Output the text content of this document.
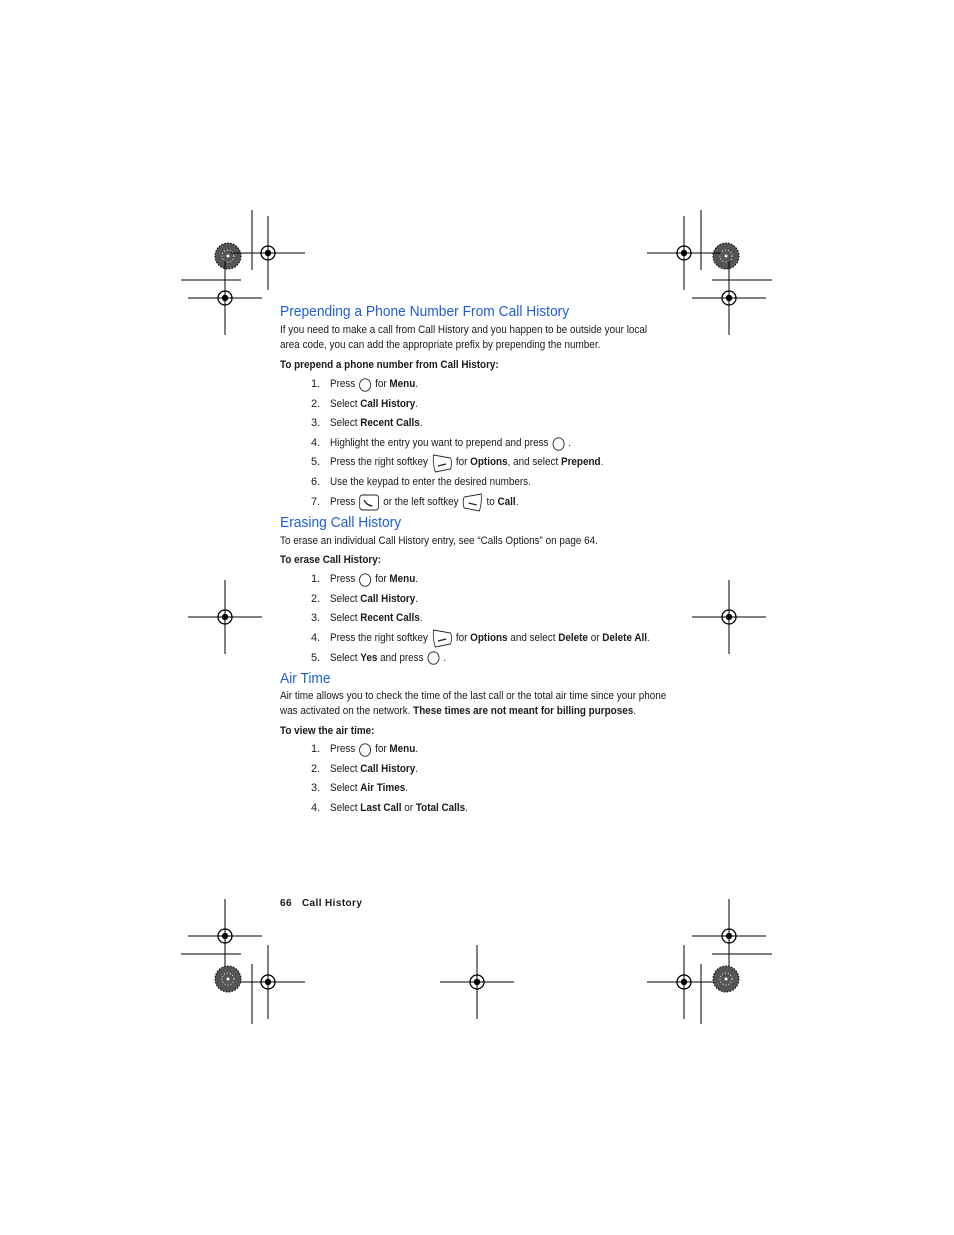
Prepending a Phone Number From Call History

If you need to make a call from Call History and you happen to be outside your local area code, you can add the appropriate prefix by prepending the number.

To prepend a phone number from Call History:

1. Press for
Menu .
2. Select
Call History .
3. Select
Recent Calls .
4. Highlight the entry you want to prepend and press .
5. Press the right softkey	for
Options , and select
Prepend .
6. Use the keypad to enter the desired numbers.
7. Press	or the left softkey	to
Call .
Erasing Call History

To erase an individual Call History entry, see “Calls Options” on page 64.

To erase Call History:

1. Press for
Menu .
2. Select
Call History .
3. Select
Recent Calls .
4. Press the right softkey	for
Options
and select
Delete
or
Delete All .
5. Select
Yes
and press .
Air Time

Air time allows you to check the time of the last call or the total air time since your phone was activated on the network. These times are not meant for billing purposes.

To view the air time:

1. Press for
Menu .
2. Select
Call History .
3. Select
Air Times .
4. Select
Last Call
or
Total Calls .
66 Call History
